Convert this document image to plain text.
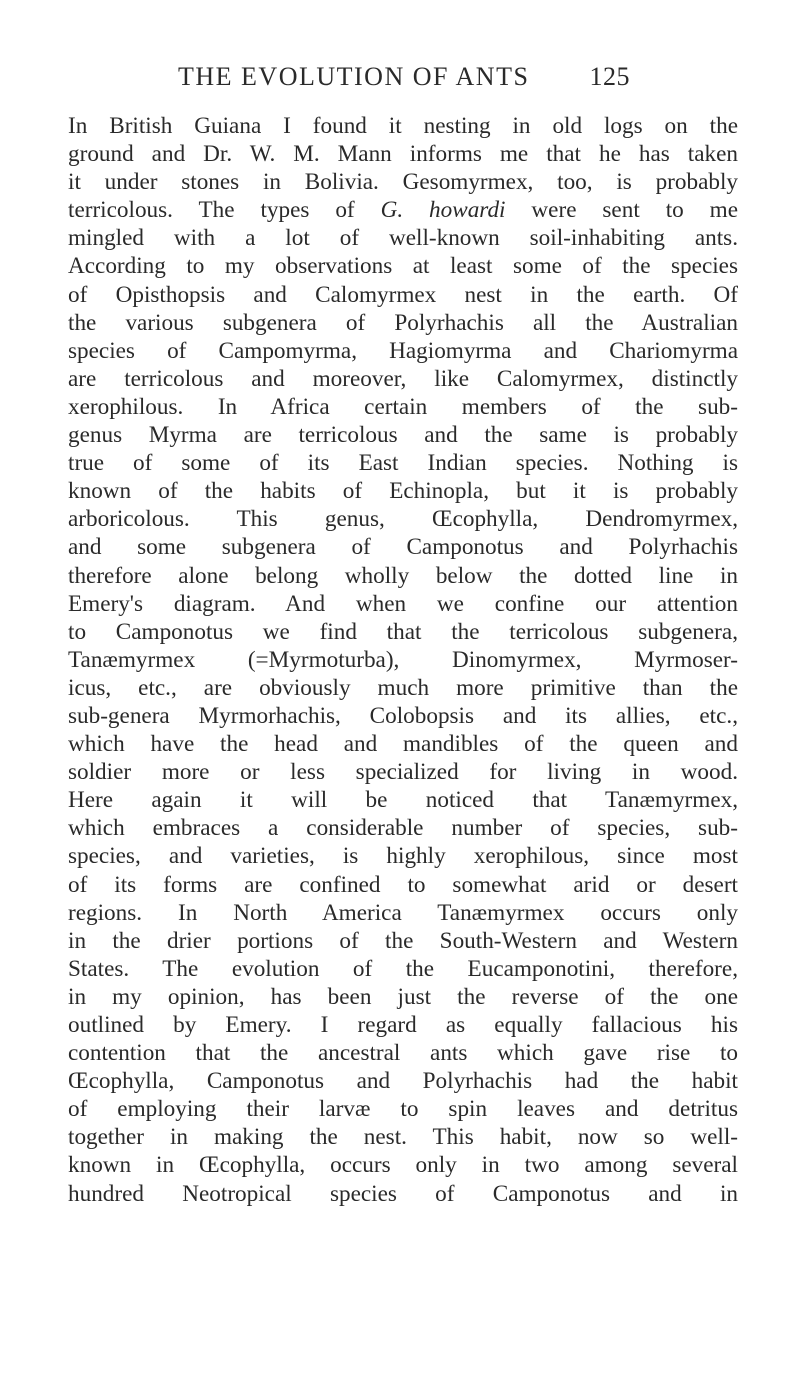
THE EVOLUTION OF ANTS 125
In British Guiana I found it nesting in old logs on the
ground and Dr. W. M. Mann informs me that he has taken
it under stones in Bolivia. Gesomyrmex, too, is probably
terricolous. The types of G. howardi were sent to me
mingled with a lot of well-known soil-inhabiting ants.
According to my observations at least some of the species
of Opisthopsis and Calomyrmex nest in the earth. Of
the various subgenera of Polyrhachis all the Australian
species of Campomyrma, Hagiomyrma and Chariomyrma
are terricolous and moreover, like Calomyrmex, distinctly
xerophilous. In Africa certain members of the sub-
genus Myrma are terricolous and the same is probably
true of some of its East Indian species. Nothing is
known of the habits of Echinopla, but it is probably
arboricolous. This genus, Œcophylla, Dendromyrmex,
and some subgenera of Camponotus and Polyrhachis
therefore alone belong wholly below the dotted line in
Emery's diagram. And when we confine our attention
to Camponotus we find that the terricolous subgenera,
Tanæmyrmex (=Myrmoturba), Dinomyrmex, Myrmoser-
icus, etc., are obviously much more primitive than the
sub-genera Myrmorhachis, Colobopsis and its allies, etc.,
which have the head and mandibles of the queen and
soldier more or less specialized for living in wood.
Here again it will be noticed that Tanæmyrmex,
which embraces a considerable number of species, sub-
species, and varieties, is highly xerophilous, since most
of its forms are confined to somewhat arid or desert
regions. In North America Tanæmyrmex occurs only
in the drier portions of the South-Western and Western
States. The evolution of the Eucamponotini, therefore,
in my opinion, has been just the reverse of the one
outlined by Emery. I regard as equally fallacious his
contention that the ancestral ants which gave rise to
Œcophylla, Camponotus and Polyrhachis had the habit
of employing their larvæ to spin leaves and detritus
together in making the nest. This habit, now so well-
known in Œcophylla, occurs only in two among several
hundred Neotropical species of Camponotus and in
